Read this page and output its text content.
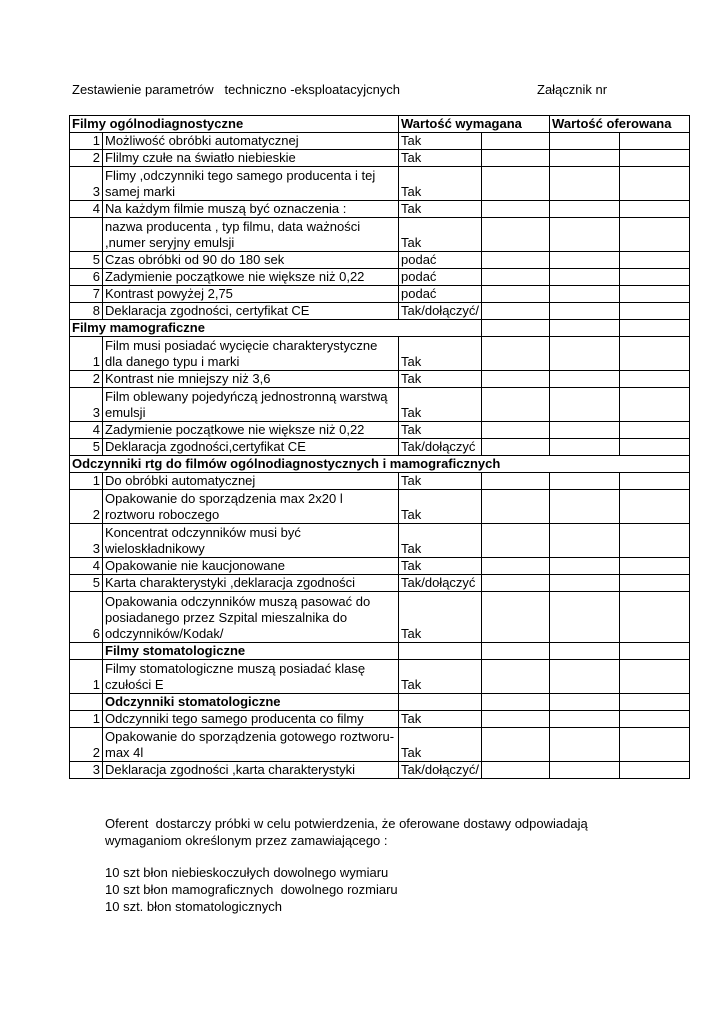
Zestawienie parametrów   techniczno -eksploatacyjcnych	Załącznik nr
Filmy ogólnodiagnostyczne		Wartość wymagana		Wartość oferowana	
1	Możliwość obróbki automatycznej	Tak			
2	Flilmy czułe na światło niebieskie	Tak			
3	Flimy ,odczynniki tego samego producenta i tej samej marki	Tak			
4	Na każdym filmie muszą być oznaczenia :	Tak			
	nazwa producenta , typ filmu, data ważności ,numer seryjny emulsji	Tak			
5	Czas obróbki od 90 do 180 sek	podać			
6	Zadymienie początkowe nie większe niż 0,22	podać			
7	Kontrast powyżej 2,75	podać			
8	Deklaracja zgodności, certyfikat CE	Tak/dołączyć/			
Filmy mamograficzne					
1	Film musi posiadać wycięcie charakterystyczne dla danego typu i marki	Tak			
2	Kontrast nie mniejszy niż 3,6	Tak			
3	Film oblewany pojedyńczą jednostronną warstwą emulsji	Tak			
4	Zadymienie początkowe nie większe niż 0,22	Tak			
5	Deklaracja zgodności,certyfikat CE	Tak/dołączyć			
Odczynniki rtg do filmów ogólnodiagnostycznych i mamograficznych					
1	Do obróbki automatycznej	Tak			
2	Opakowanie do sporządzenia max 2x20 l roztworu roboczego	Tak			
3	Koncentrat odczynników musi być wieloskładnikowy	Tak			
4	Opakowanie nie kaucjonowane	Tak			
5	Karta charakterystyki ,deklaracja zgodności	Tak/dołączyć			
6	Opakowania odczynników muszą pasować do posiadanego przez Szpital mieszalnika do odczynników/Kodak/	Tak			
	Filmy stomatologiczne				
1	Filmy stomatologiczne muszą posiadać klasę czułości E	Tak			
	Odczynniki stomatologiczne				
1	Odczynniki tego samego producenta co filmy	Tak			
2	Opakowanie do sporządzenia gotowego roztworu-max 4l	Tak			
3	Deklaracja zgodności ,karta charakterystyki	Tak/dołączyć/			
Oferent  dostarczy próbki w celu potwierdzenia, że oferowane dostawy odpowiadają
wymaganiom określonym przez zamawiającego :
10 szt błon niebieskoczułych dowolnego wymiaru
10 szt błon mamograficznych  dowolnego rozmiaru
10 szt. błon stomatologicznych
